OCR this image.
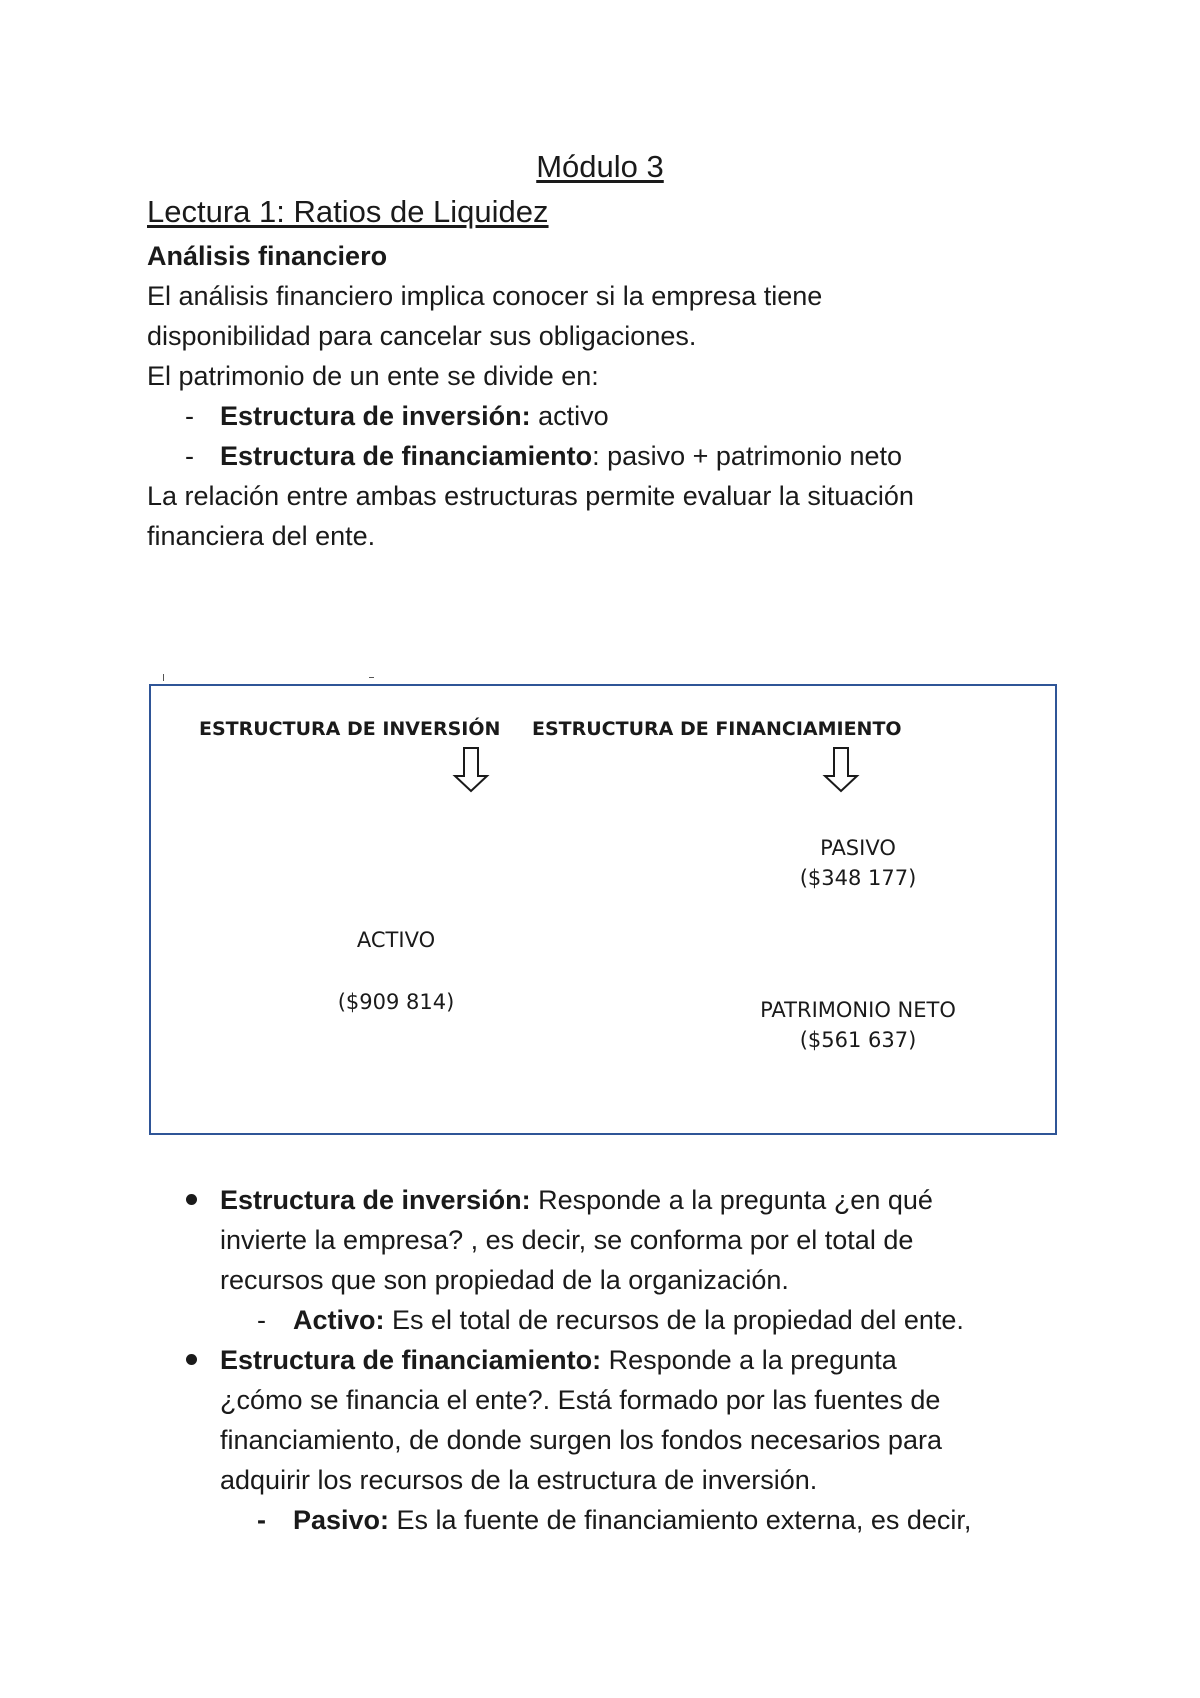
Módulo 3
Lectura 1: Ratios de Liquidez
Análisis financiero
El análisis financiero implica conocer si la empresa tiene
disponibilidad para cancelar sus obligaciones.
El patrimonio de un ente se divide en:
- Estructura de inversión: activo
- Estructura de financiamiento: pasivo + patrimonio neto
La relación entre ambas estructuras permite evaluar la situación
financiera del ente.
ESTRUCTURA DE INVERSIÓN ESTRUCTURA DE FINANCIAMIENTO
PASIVO
($348 177)
ACTIVO
($909 814)	PATRIMONIO NETO
($561 637)
Estructura de inversión: Responde a la pregunta ¿en qué
invierte la empresa? , es decir, se conforma por el total de
recursos que son propiedad de la organización.
- Activo: Es el total de recursos de la propiedad del ente.
Estructura de financiamiento: Responde a la pregunta
¿cómo se financia el ente?. Está formado por las fuentes de
financiamiento, de donde surgen los fondos necesarios para
adquirir los recursos de la estructura de inversión.
- Pasivo: Es la fuente de financiamiento externa, es decir,
